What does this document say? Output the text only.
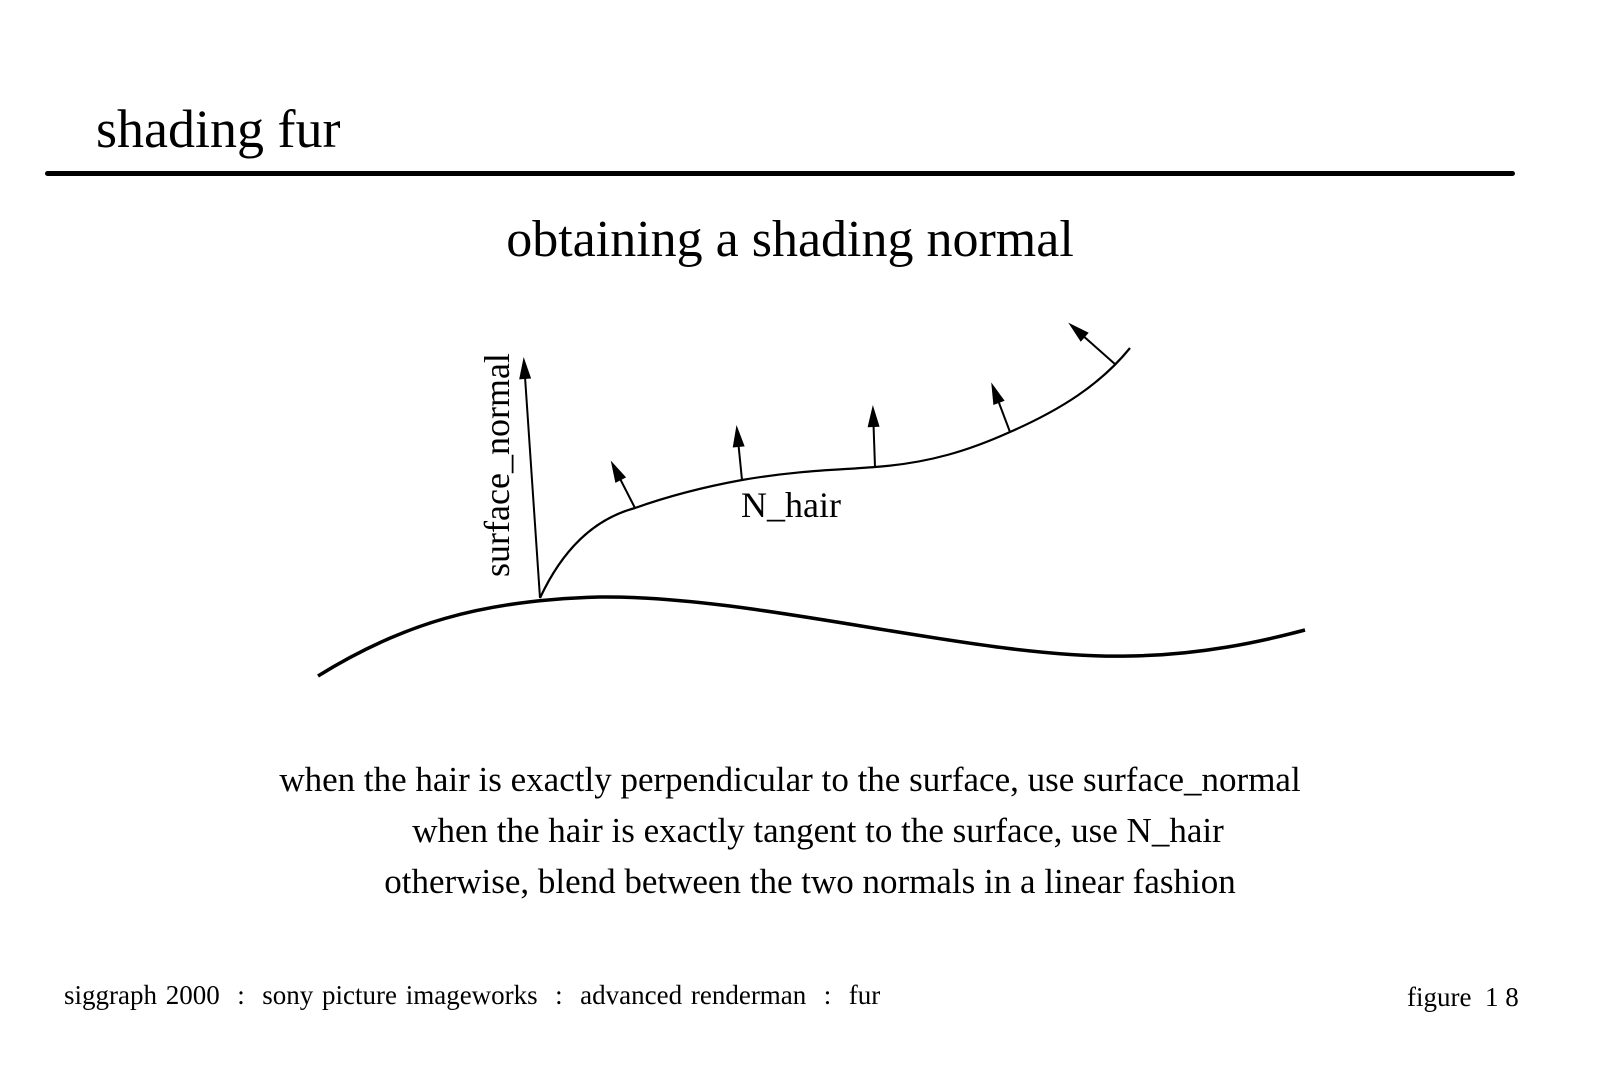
shading fur
obtaining a shading normal
surface_normal	N_hair
when the hair is exactly perpendicular to the surface, use surface_normal
when the hair is exactly tangent to the surface, use N_hair
otherwise, blend between the two normals in a linear fashion
siggraph 2000  :  sony picture imageworks  :  advanced renderman  :  fur	figure  1 8
